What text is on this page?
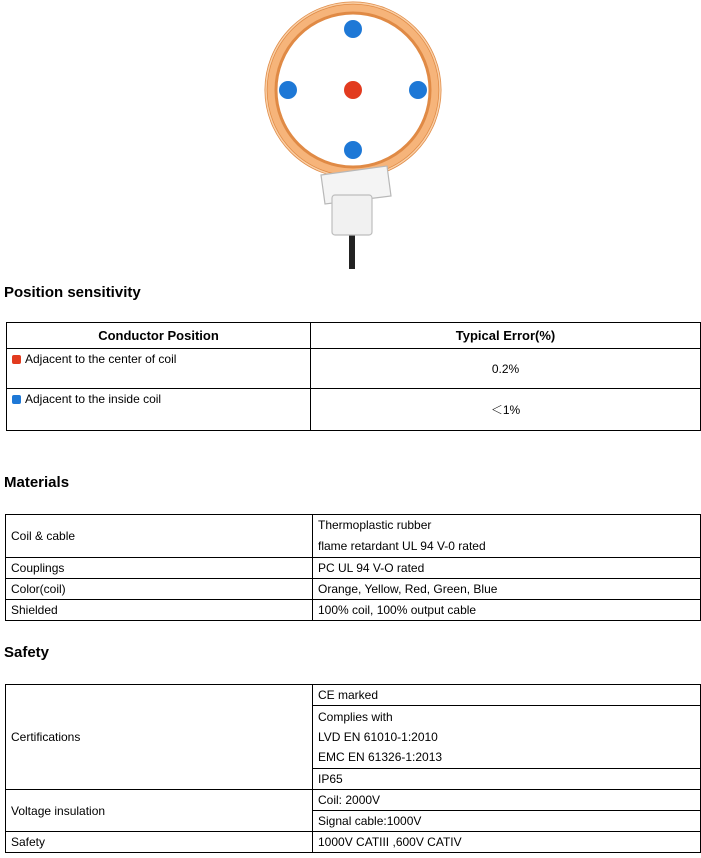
Position sensitivity
Conductor Position	Typical Error(%)
Adjacent to the center of coil	0.2%
Adjacent to the inside coil	＜1%
Materials
Coil & cable	Thermoplastic rubber
flame retardant UL 94 V-0 rated

Couplings	PC UL 94 V-O rated
Color(coil)	Orange, Yellow, Red, Green, Blue
Shielded	100% coil, 100% output cable
Safety
Certifications	CE marked

	Complies with
LVD EN 61010-1:2010
EMC EN 61326-1:2013

	IP65
Voltage insulation	Coil: 2000V
	Signal cable:1000V
Safety	1000V CATIII ,600V CATIV
